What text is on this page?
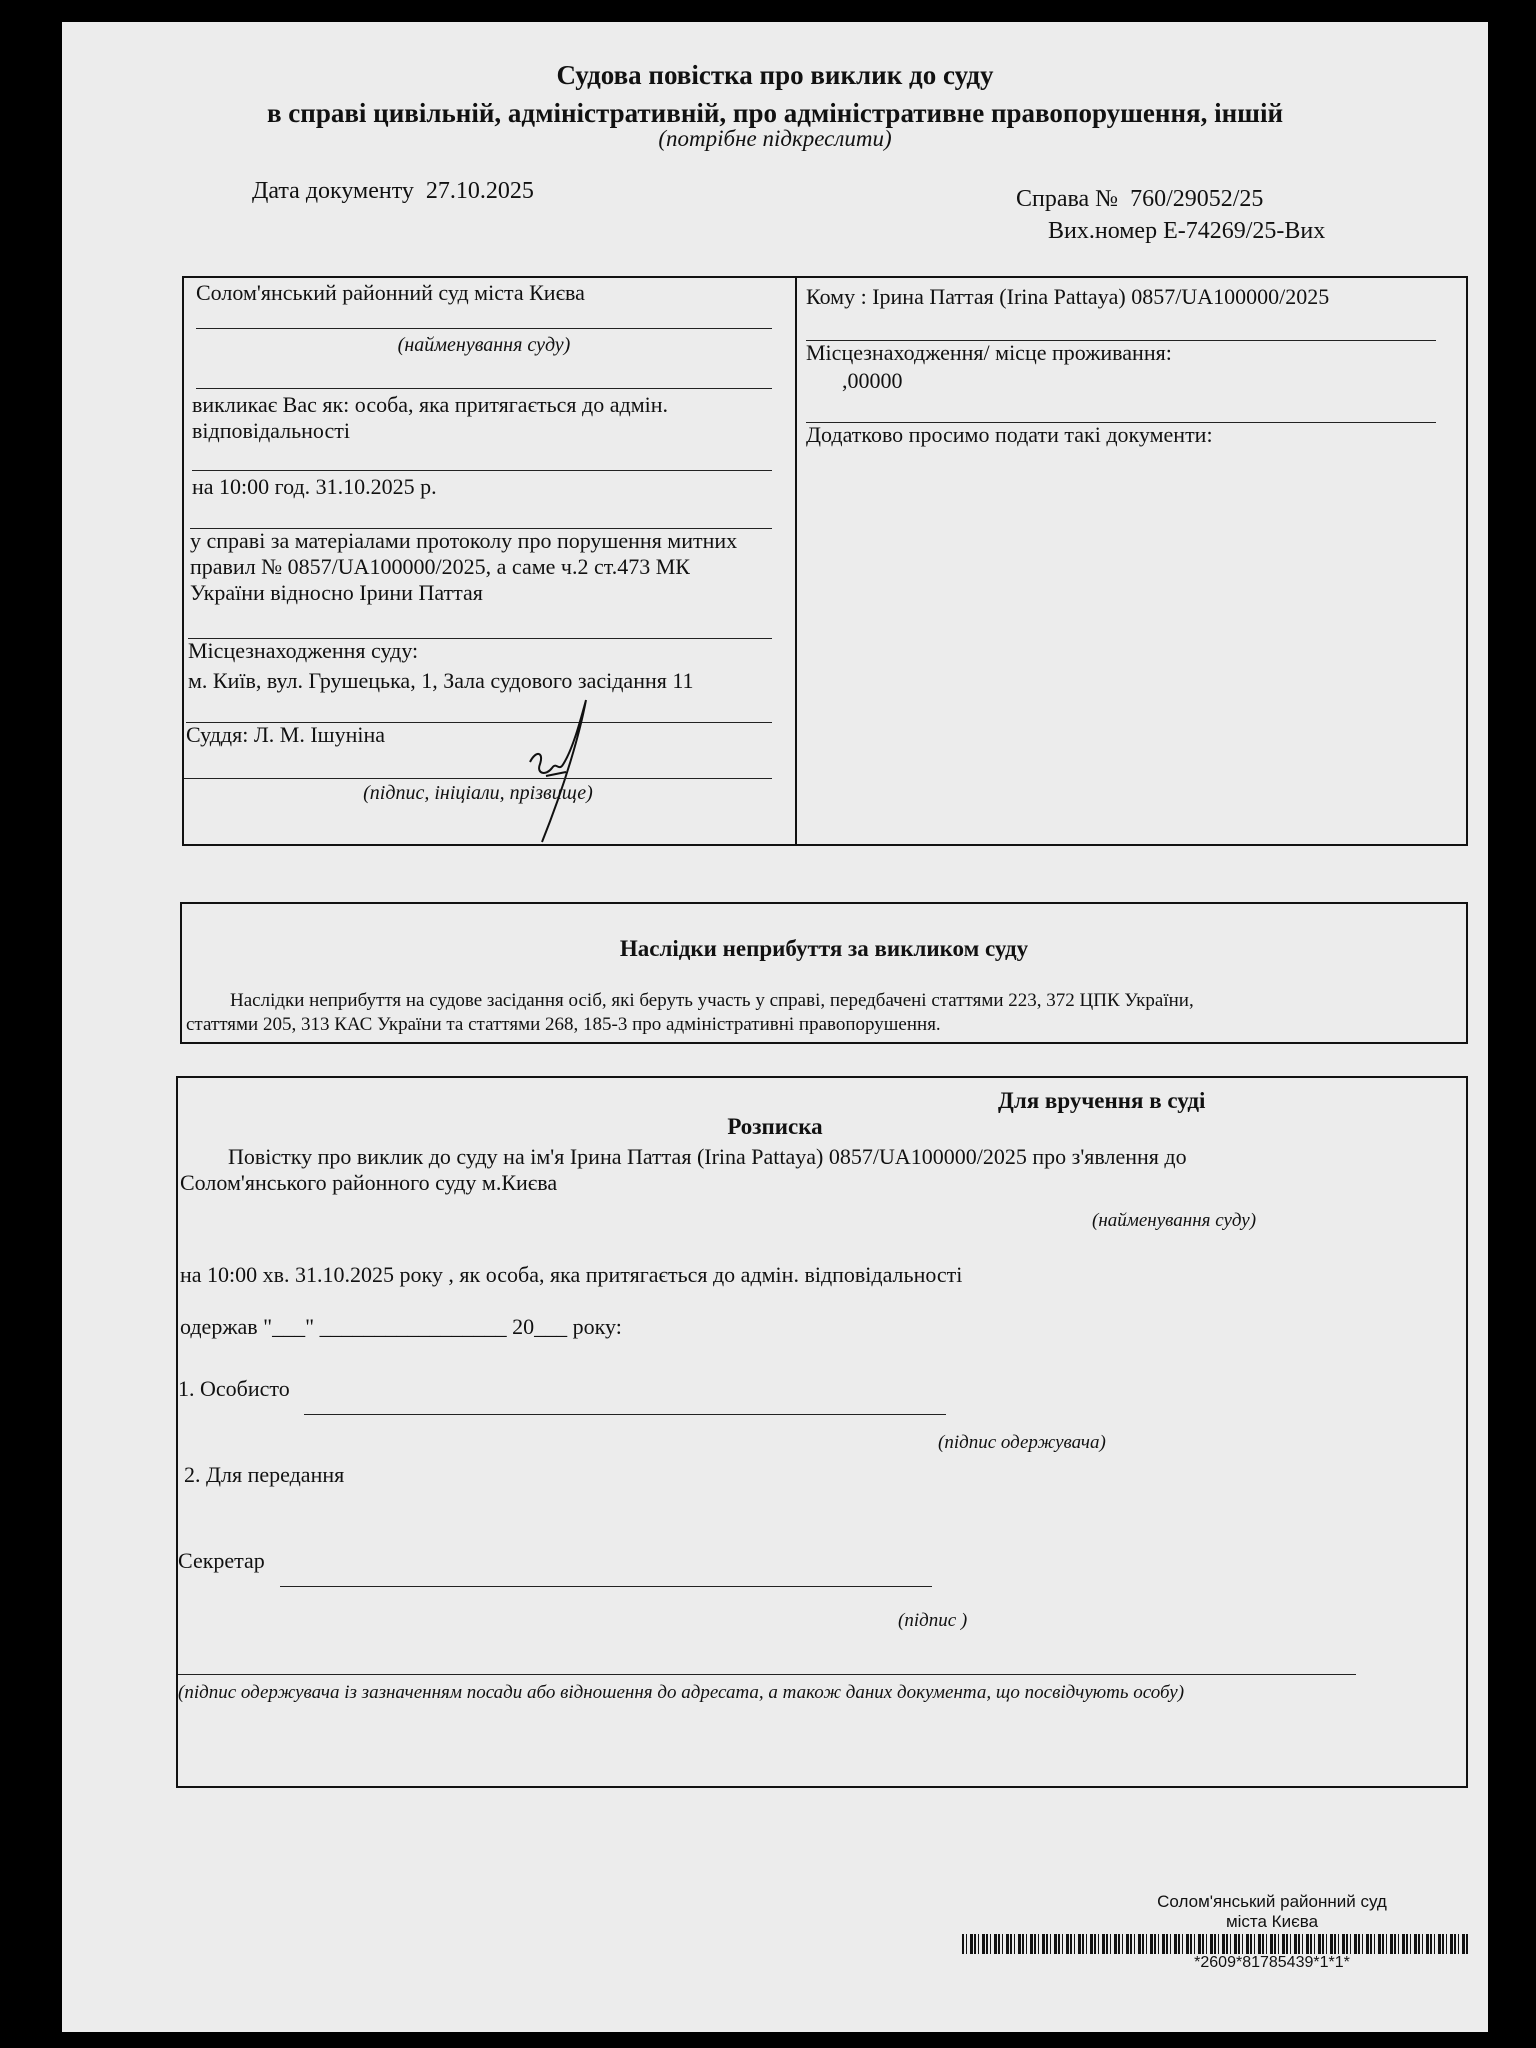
Судова повістка про виклик до суду
в справі цивільній, адміністративній, про адміністративне правопорушення, іншій
(потрібне підкреслити)
Дата документу 27.10.2025	Справа № 760/29052/25
Вих.номер Е-74269/25-Вих
Солом'янський районний суд міста Києва
(найменування суду)
викликає Вас як: особа, яка притягається до адмін.
відповідальності
на 10:00 год. 31.10.2025 р.
у справі за матеріалами протоколу про порушення митних
правил № 0857/UA100000/2025, а саме ч.2 ст.473 МК
України відносно Ірини Паттая
Місцезнаходження суду:
м. Київ, вул. Грушецька, 1, Зала судового засідання 11
Суддя: Л. М. Ішуніна
(підпис, ініціали, прізвище)
Кому : Ірина Паттая (Irina Pattaya) 0857/UA100000/2025
Місцезнаходження/ місце проживання:
,00000
Додатково просимо подати такі документи:
Наслідки неприбуття за викликом суду
Наслідки неприбуття на судове засідання осіб, які беруть участь у справі, передбачені статтями 223, 372 ЦПК України,
статтями 205, 313 КАС України та статтями 268, 185-3 про адміністративні правопорушення.
Для вручення в суді
Розписка
Повістку про виклик до суду на ім'я Ірина Паттая (Irina Pattaya) 0857/UA100000/2025 про з'явлення до
Солом'янського районного суду м.Києва
(найменування суду)
на 10:00 хв. 31.10.2025 року , як особа, яка притягається до адмін. відповідальності
одержав "___" _________________ 20___ року:
1. Особисто
(підпис одержувача)
2. Для передання
Секретар
(підпис )
(підпис одержувача із зазначенням посади або відношення до адресата, а також даних документа, що посвідчують особу)
Солом'янський районний суд
міста Києва
*2609*81785439*1*1*
